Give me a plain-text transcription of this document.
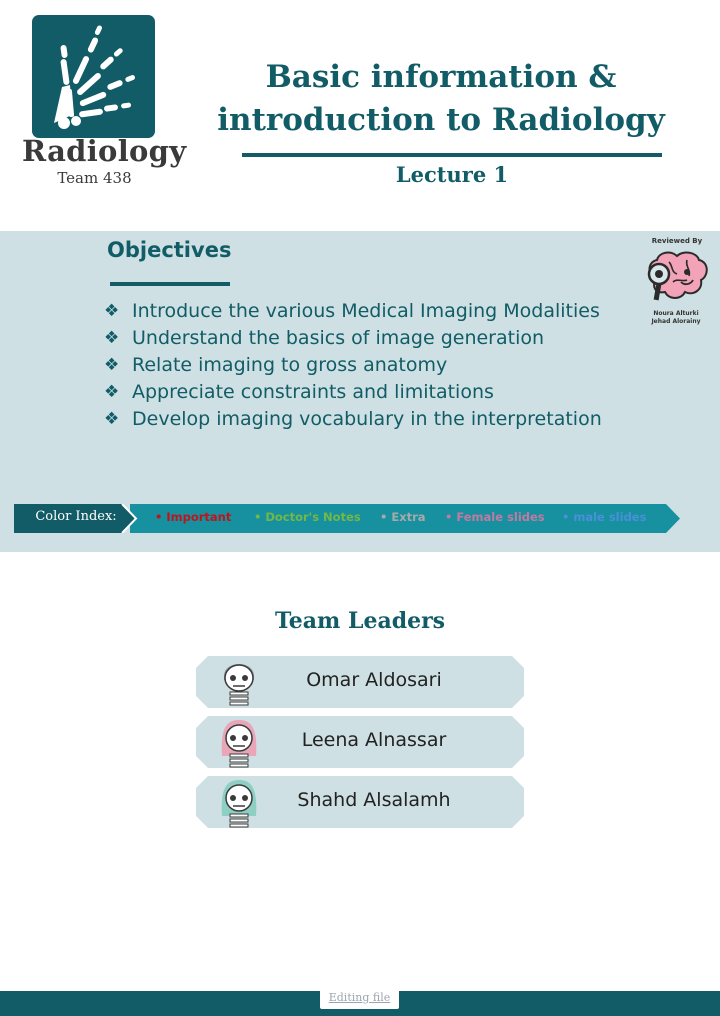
Radiology
Team 438
Basic information & introduction to Radiology
Lecture 1
Objectives
❖ Introduce the various Medical Imaging Modalities
❖ Understand the basics of image generation
❖ Relate imaging to gross anatomy
❖ Appreciate constraints and limitations
❖ Develop imaging vocabulary in the interpretation
Reviewed By
Noura Alturki
Jehad Alorainy
Color Index:	• Important • Doctor's Notes • Extra • Female slides • male slides
Team Leaders
Omar Aldosari
Leena Alnassar
Shahd Alsalamh
Editing file
